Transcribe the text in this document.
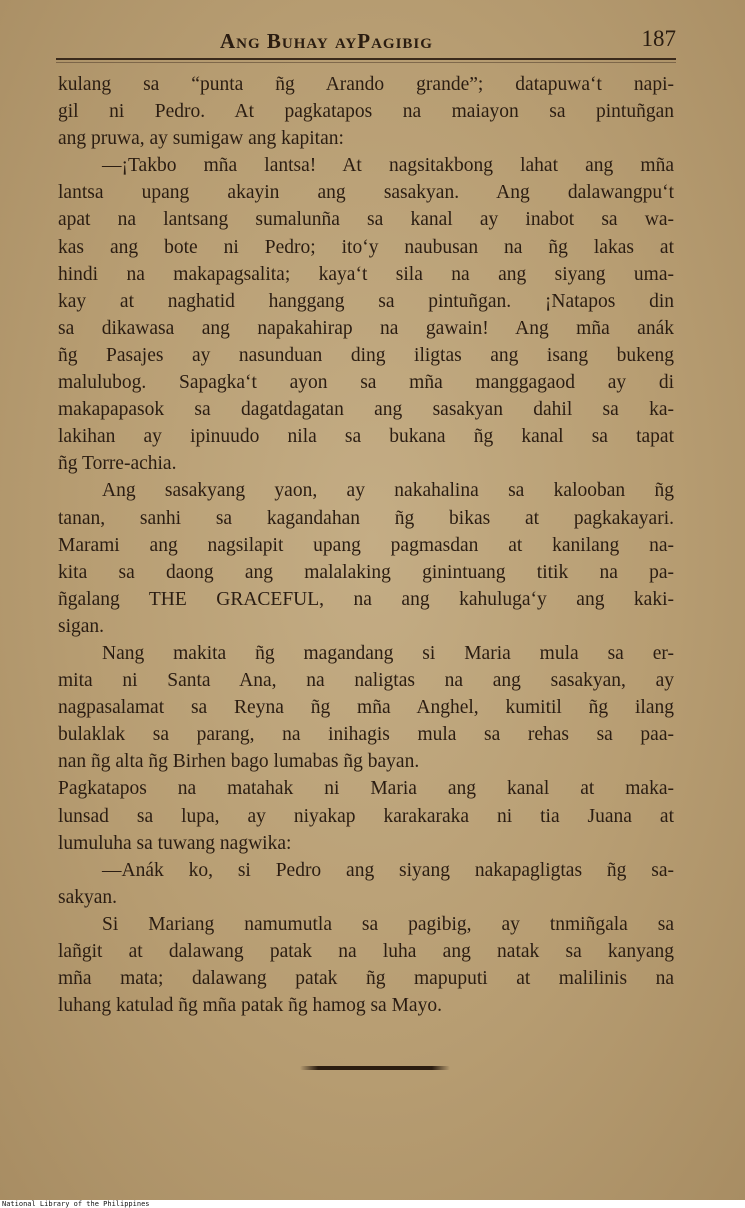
Ang Buhay ayPagibig	187
kulang sa “punta ñg Arando grande”; datapuwa‘t napi-
gil ni Pedro. At pagkatapos na maiayon sa pintuñgan
ang pruwa, ay sumigaw ang kapitan:
—¡Takbo mña lantsa! At nagsitakbong lahat ang mña
lantsa upang akayin ang sasakyan. Ang dalawangpu‘t
apat na lantsang sumalunña sa kanal ay inabot sa wa-
kas ang bote ni Pedro; ito‘y naubusan na ñg lakas at
hindi na makapagsalita; kaya‘t sila na ang siyang uma-
kay at naghatid hanggang sa pintuñgan. ¡Natapos din
sa dikawasa ang napakahirap na gawain! Ang mña anák
ñg Pasajes ay nasunduan ding iligtas ang isang bukeng
malulubog. Sapagka‘t ayon sa mña manggagaod ay di
makapapasok sa dagatdagatan ang sasakyan dahil sa ka-
lakihan ay ipinuudo nila sa bukana ñg kanal sa tapat
ñg Torre-achia.
Ang sasakyang yaon, ay nakahalina sa kalooban ñg
tanan, sanhi sa kagandahan ñg bikas at pagkakayari.
Marami ang nagsilapit upang pagmasdan at kanilang na-
kita sa daong ang malalaking ginintuang titik na pa-
ñgalang THE GRACEFUL, na ang kahuluga‘y ang kaki-
sigan.
Nang makita ñg magandang si Maria mula sa er-
mita ni Santa Ana, na naligtas na ang sasakyan, ay
nagpasalamat sa Reyna ñg mña Anghel, kumitil ñg ilang
bulaklak sa parang, na inihagis mula sa rehas sa paa-
nan ñg alta ñg Birhen bago lumabas ñg bayan.
Pagkatapos na matahak ni Maria ang kanal at maka-
lunsad sa lupa, ay niyakap karakaraka ni tia Juana at
lumuluha sa tuwang nagwika:
—Anák ko, si Pedro ang siyang nakapagligtas ñg sa-
sakyan.
Si Mariang namumutla sa pagibig, ay tnmiñgala sa
lañgit at dalawang patak na luha ang natak sa kanyang
mña mata; dalawang patak ñg mapuputi at malilinis na
luhang katulad ñg mña patak ñg hamog sa Mayo.
National Library of the Philippines
